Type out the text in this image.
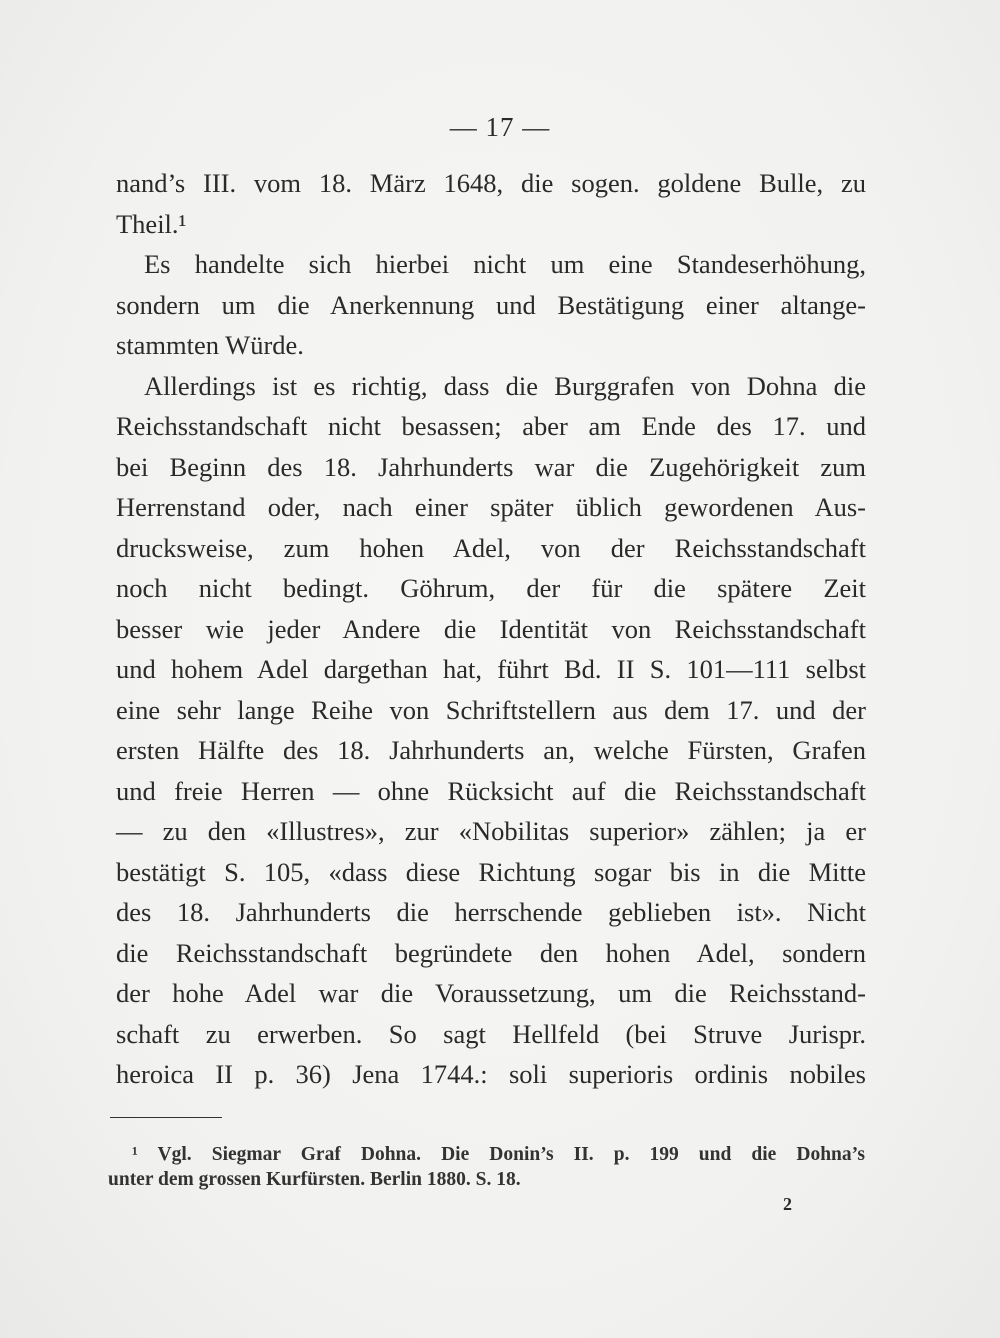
— 17 —
nand’s III. vom 18. März 1648, die sogen. goldene Bulle, zu
Theil.¹
Es handelte sich hierbei nicht um eine Standeserhöhung,
sondern um die Anerkennung und Bestätigung einer altange-
stammten Würde.
Allerdings ist es richtig, dass die Burggrafen von Dohna die
Reichsstandschaft nicht besassen; aber am Ende des 17. und
bei Beginn des 18. Jahrhunderts war die Zugehörigkeit zum
Herrenstand oder, nach einer später üblich gewordenen Aus-
drucksweise, zum hohen Adel, von der Reichsstandschaft
noch nicht bedingt. Göhrum, der für die spätere Zeit
besser wie jeder Andere die Identität von Reichsstandschaft
und hohem Adel dargethan hat, führt Bd. II S. 101—111 selbst
eine sehr lange Reihe von Schriftstellern aus dem 17. und der
ersten Hälfte des 18. Jahrhunderts an, welche Fürsten, Grafen
und freie Herren — ohne Rücksicht auf die Reichsstandschaft
— zu den «Illustres», zur «Nobilitas superior» zählen; ja er
bestätigt S. 105, «dass diese Richtung sogar bis in die Mitte
des 18. Jahrhunderts die herrschende geblieben ist». Nicht
die Reichsstandschaft begründete den hohen Adel, sondern
der hohe Adel war die Voraussetzung, um die Reichsstand-
schaft zu erwerben. So sagt Hellfeld (bei Struve Jurispr.
heroica II p. 36) Jena 1744.: soli superioris ordinis nobiles
¹ Vgl. Siegmar Graf Dohna. Die Donin’s II. p. 199 und die Dohna’s
unter dem grossen Kurfürsten. Berlin 1880. S. 18.
2
